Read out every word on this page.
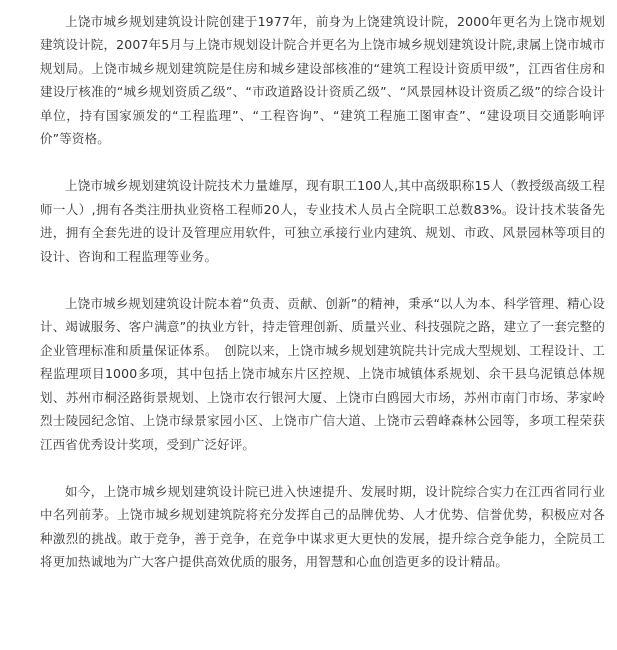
上饶市城乡规划建筑设计院创建于1977年，前身为上饶建筑设计院，2000年更名为上饶市规划建筑设计院，2007年5月与上饶市规划设计院合并更名为上饶市城乡规划建筑设计院,隶属上饶市城市规划局。上饶市城乡规划建筑院是住房和城乡建设部核准的“建筑工程设计资质甲级”，江西省住房和建设厅核准的“城乡规划资质乙级”、“市政道路设计资质乙级”、“风景园林设计资质乙级”的综合设计单位，持有国家颁发的“工程监理”、“工程咨询”、“建筑工程施工图审查”、“建设项目交通影响评价”等资格。

上饶市城乡规划建筑设计院技术力量雄厚，现有职工100人,其中高级职称15人（教授级高级工程师一人）,拥有各类注册执业资格工程师20人，专业技术人员占全院职工总数83%。设计技术装备先进，拥有全套先进的设计及管理应用软件，可独立承接行业内建筑、规划、市政、风景园林等项目的设计、咨询和工程监理等业务。

上饶市城乡规划建筑设计院本着“负责、贡献、创新”的精神，秉承“以人为本、科学管理、精心设计、竭诚服务、客户满意”的执业方针，持走管理创新、质量兴业、科技强院之路，建立了一套完整的企业管理标准和质量保证体系。　创院以来，上饶市城乡规划建筑院共计完成大型规划、工程设计、工程监理项目1000多项，其中包括上饶市城东片区控规、上饶市城镇体系规划、余干县乌泥镇总体规划、苏州市桐泾路街景规划、上饶市农行银河大厦、上饶市白鸥园大市场，苏州市南门市场、茅家岭烈士陵园纪念馆、上饶市绿景家园小区、上饶市广信大道、上饶市云碧峰森林公园等，多项工程荣获江西省优秀设计奖项，受到广泛好评。

如今，上饶市城乡规划建筑设计院已进入快速提升、发展时期，设计院综合实力在江西省同行业中名列前茅。上饶市城乡规划建筑院将充分发挥自己的品牌优势、人才优势、信誉优势，积极应对各种激烈的挑战。敢于竞争，善于竞争，在竞争中谋求更大更快的发展，提升综合竞争能力，全院员工将更加热诚地为广大客户提供高效优质的服务，用智慧和心血创造更多的设计精品。
